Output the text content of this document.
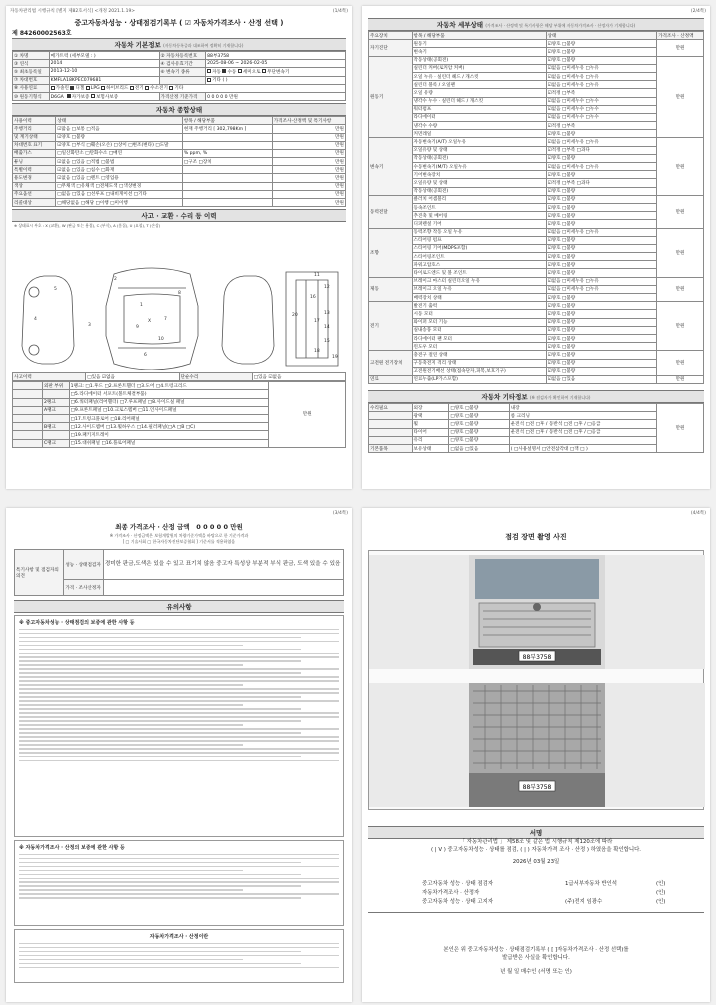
자동차관리법 시행규칙 [별지 제82호서식] <개정 2021.1.19>	(1/4쪽)
중고자동차성능 · 상태점검기록부 ( ☑ 자동차가격조사 · 산정 선택 )
제 84260002563호
자동차 기본정보 (자동차등록증과 대조하여 정확히 기재합니다)
① 차명	메가트럭 (세부모델 : )	② 자동차등록번호	88부3758
③ 연식	2014	④ 검사유효기간	2025-08-06 ~ 2026-02-05
⑤ 최초등록일	2013-12-10	⑥ 변속기 종류	자동 수동 세미오토 무단변속기
⑦ 차대번호	KMFLA18KPEC079681		기타 ( )
⑧ 사용연료	가솔린 디젤 LPG 하이브리드 전기 수소전기 기타		
⑩ 원동기형식	D6GA 자가보증 보험사보증	가격산정 기준가격	0 0 0 0 0 만원
자동차 종합상태
사용이력	상태	항목 / 해당부품	가격조사·산정액 및 특기사항
주행거리	☑많음 □보통 □적음	현재 주행거리 [ 302,798Km ]	만원
및 계기상태	☑양호 □불량		만원
차대번호 표기	☑양호 □부식 □훼손(오손) □상이 □변조(변타) □도말		만원
배출가스	□일산화탄소 □탄화수소 □매연	% ppm, %	만원
튜닝	☑없음 □있음 □적법 □불법	□구조 □장치	만원
특별이력	☑없음 □있음 □침수 □화재		만원
용도변경	☑없음 □있음 □렌트 □영업용		만원
색상	□무채색 □유채색 □전체도색 □색상변경		만원
주요옵션	□없음 □있음 □선루프 □내비게이션 □기타		만원
리콜대상	□해당없음 □해당 □이행 □미이행		만원
사고 · 교환 · 수리 등 이력
※ 상태표시 부호 : X (교환), W (판금 또는 용접), C (부식), A (흠집), U (요철), T (손상)
1
2
3
4
5
6
7
8
9
10
11
12
13
14
15
16
17
18
19
20
X
사고이력	□있음 ☑없음	단순수리	□있음 ☑없음
	외판 부위	1랭크: □1.후드 □2.프론트휀더 □3.도어 □4.트렁크리드	만원
		□5.라디에이터 서포트(볼트체결부품)	
	2랭크	□6.쿼터패널(리어휀더) □7.루프패널 □8.사이드실 패널	
	A랭크	□9.프론트패널 □10.크로스멤버 □11.인사이드패널	
		□17.트렁크플로어 □18.리어패널	
	B랭크	□12.사이드멤버 □13.휠하우스 □14.필러패널(□A □B □C)	
		□19.패키지트레이	
	C랭크	□15.대쉬패널 □16.플로어패널	
(2/4쪽)
자동차 세부상태 (가격조사 · 산정액 및 특기사항은 해당 부위에 자동차가격조사 · 산정자가 기재합니다)
주요장치	항목 / 해당부품	상태	가격조사 · 산정액
자기진단	원동기	☑양호 □불량	만원
	변속기	☑양호 □불량	
원동기	작동상태(공회전)	☑양호 □불량	만원
	실린더 커버(로커암 커버)	☑없음 □미세누유 □누유	
	오일 누유 · 실린더 헤드 / 개스킷	☑없음 □미세누유 □누유	
	실린더 블록 / 오일팬	☑없음 □미세누유 □누유	
	오일 유량	☑적정 □부족	
	냉각수 누수 · 실린더 헤드 / 개스킷	☑없음 □미세누수 □누수	
	워터펌프	☑없음 □미세누수 □누수	
	라디에이터	☑없음 □미세누수 □누수	
	냉각수 수량	☑적정 □부족	
	커먼레일	☑양호 □불량	
변속기	자동변속기(A/T) 오일누유	☑없음 □미세누유 □누유	만원
	오일유량 및 상태	☑적정 □부족 □과다	
	작동상태(공회전)	☑양호 □불량	
	수동변속기(M/T) 오일누유	☑없음 □미세누유 □누유	
	기어변속장치	☑양호 □불량	
	오일유량 및 상태	☑적정 □부족 □과다	
	작동상태(공회전)	☑양호 □불량	
동력전달	클러치 어셈블리	☑양호 □불량	만원
	등속조인트	☑양호 □불량	
	추진축 및 베어링	☑양호 □불량	
	디퍼렌셜 기어	☑양호 □불량	
조향	동력조향 작동 오일 누유	☑없음 □미세누유 □누유	만원
	스티어링 펌프	☑양호 □불량	
	스티어링 기어(MDPS포함)	☑양호 □불량	
	스티어링조인트	☑양호 □불량	
	파워고압호스	☑양호 □불량	
	타이로드엔드 및 볼 조인트	☑양호 □불량	
제동	브레이크 마스터 실린더오일 누유	☑없음 □미세누유 □누유	만원
	브레이크 오일 누유	☑없음 □미세누유 □누유	
	배력장치 상태	☑양호 □불량	
전기	발전기 출력	☑양호 □불량	만원
	시동 모터	☑양호 □불량	
	와이퍼 모터 기능	☑양호 □불량	
	실내송풍 모터	☑양호 □불량	
	라디에이터 팬 모터	☑양호 □불량	
	윈도우 모터	☑양호 □불량	
고전원 전기장치	충전구 절연 상태	☑양호 □불량	만원
	구동축전지 격리 상태	☑양호 □불량	
	고전원전기배선 상태(접속단자,피복,보호기구)	☑양호 □불량	
연료	연료누출(LP가스포함)	☑없음 □있음	만원
자동차 기타정보 (※ 점검자가 확인하여 기재합니다)
수리필요	외장	□양호 □불량	내장	만원
	광택	□양호 □불량	룸 크리닝	
	휠	□양호 □불량	운전석 □전 □후 / 동반석 □전 □후 / □응급	
	타이어	□양호 □불량	운전석 □전 □후 / 동반석 □전 □후 / □응급	
	유리	□양호 □불량		
기본품목	보유상태	□없음 □있음	( □사용설명서 □안전삼각대 □잭 □ )	
(3/4쪽)
최종 가격조사 · 산정 금액 0 0 0 0 0 만원
※ 가격조사 · 산정금액은 보험개발원의 차량기준가액을 바탕으로 한 기준가격과
[ □ 기술사회 □ 한국자동차진단보증협회 ] 기준서를 적용하였음
특기사항 및 점검자의 의견	성능 · 상태점검자	경미한 판금,도색은 있을 수 있고 표기치 않음 중고자 특성상 부분적 부식 판금, 도색 있을 수 있음
	가격 · 조사산정자	
유의사항
※ 중고자동차성능 · 상태점검의 보증에 관한 사항 등
※ 자동차가격조사 · 산정의 보증에 관한 사항 등
자동차가격조사 · 산정이란
(4/4쪽)
점검 장면 촬영 사진
88부3758
88부3758
서명
「 자동차관리법 」 제58조 및 같은 법 시행규칙 제120조에 따라
( | V ) 중고자동차성능 · 상태를 점검, ( | ) 자동차가격 조사 · 산정 ) 하였음을 확인합니다.
2026년 03월 23일
중고자동차 성능 · 상태 점검자	1급서부자동차 반인석	(인)
자동차가격조사 · 산정자	(인)
중고자동차 성능 · 상태 고지자	(주)전지 임광수	(인)
본인은 위 중고자동차성능 · 상태점검기록부 ( [ ]자동차가격조사 · 산정 선택)를
발급받은 사실을 확인합니다.
년 월 일 매수인 (서명 또는 인)
